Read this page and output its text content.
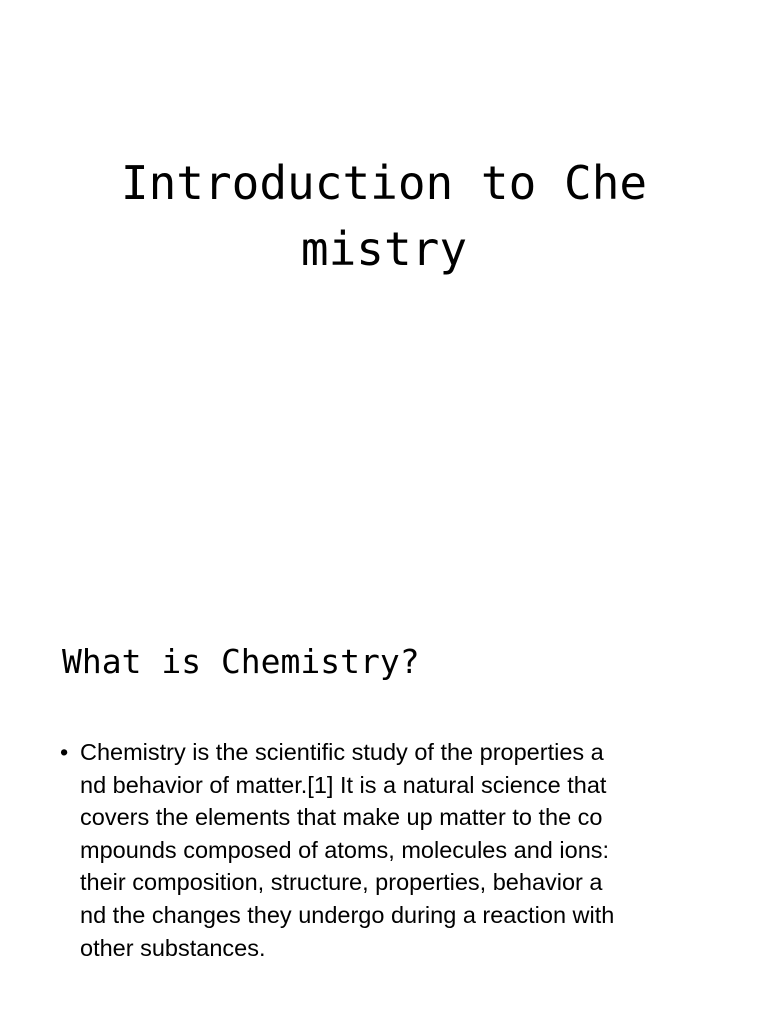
Introduction to Che
mistry
What is Chemistry?
• Chemistry is the scientific study of the properties a
nd behavior of matter.[1] It is a natural science that
covers the elements that make up matter to the co
mpounds composed of atoms, molecules and ions:
their composition, structure, properties, behavior a
nd the changes they undergo during a reaction with
other substances.
